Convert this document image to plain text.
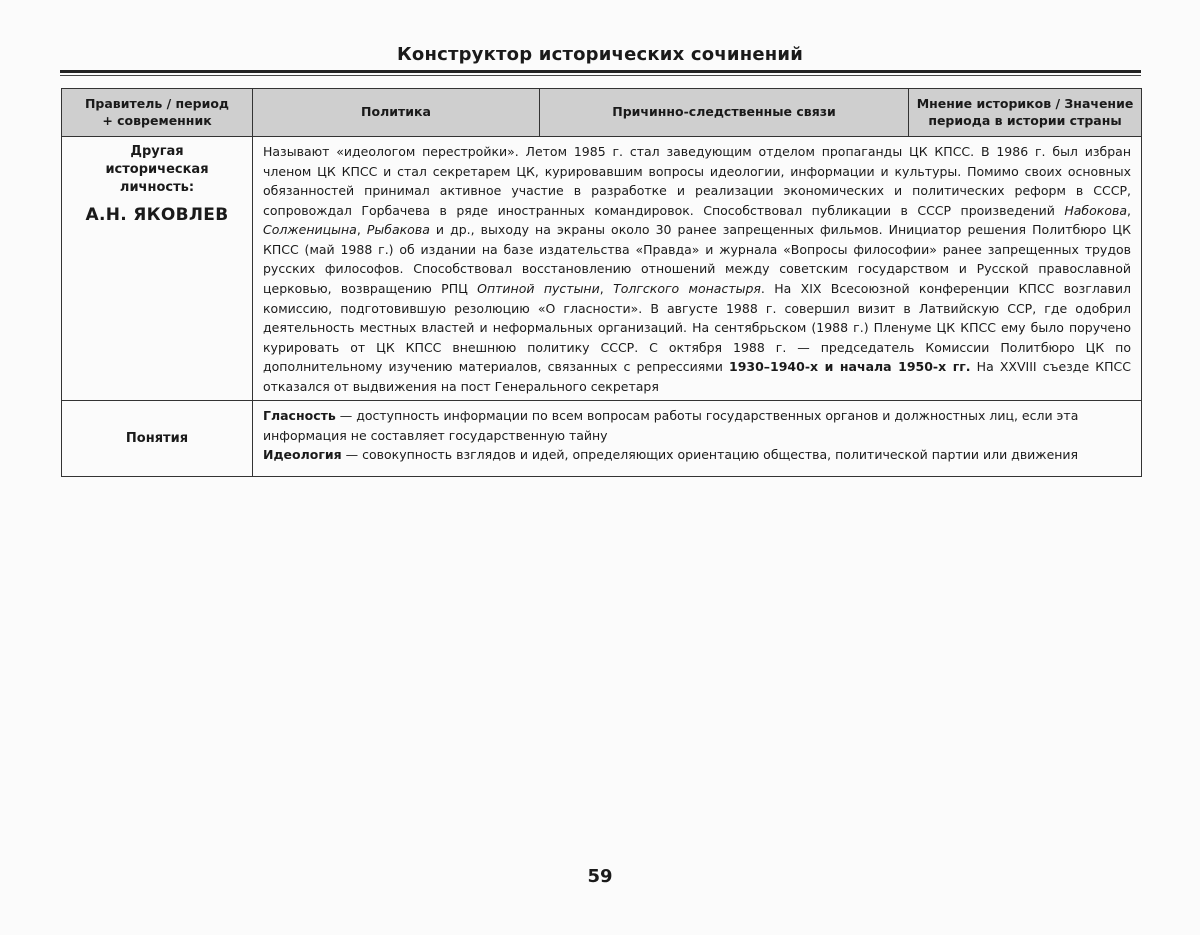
Конструктор исторических сочинений
Правитель / период + современник	Политика	Причинно-следственные связи	Мнение историков / Значение периода в истории страны

Другая историческая личность:
А.Н. ЯКОВЛЕВ	Называют «идеологом перестройки». Летом 1985 г. стал заведующим отделом пропаганды ЦК КПСС. В 1986 г. был избран членом ЦК КПСС и стал секретарем ЦК, курировавшим вопросы идеологии, информации и культуры. Помимо своих основных обязанностей принимал активное участие в разработке и реализации экономических и политических реформ в СССР, сопровождал Горбачева в ряде иностранных командировок. Способствовал публикации в СССР произведений Набокова, Солженицына, Рыбакова и др., выходу на экраны около 30 ранее запрещенных фильмов. Инициатор решения Политбюро ЦК КПСС (май 1988 г.) об издании на базе издательства «Правда» и журнала «Вопросы философии» ранее запрещенных трудов русских философов. Способствовал восстановлению отношений между советским государством и Русской православной церковью, возвращению РПЦ Оптиной пустыни, Толгского монастыря. На XIX Всесоюзной конференции КПСС возглавил комиссию, подготовившую резолюцию «О гласности». В августе 1988 г. совершил визит в Латвийскую ССР, где одобрил деятельность местных властей и неформальных организаций. На сентябрьском (1988 г.) Пленуме ЦК КПСС ему было поручено курировать от ЦК КПСС внешнюю политику СССР. С октября 1988 г. — председатель Комиссии Политбюро ЦК по дополнительному изучению материалов, связанных с репрессиями 1930–1940-х и начала 1950-х гг. На XXVIII съезде КПСС отказался от выдвижения на пост Генерального секретаря		
Понятия	Гласность — доступность информации по всем вопросам работы государственных органов и должностных лиц, если эта информация не составляет государственную тайну

Идеология — совокупность взглядов и идей, определяющих ориентацию общества, политической партии или движения		

59
